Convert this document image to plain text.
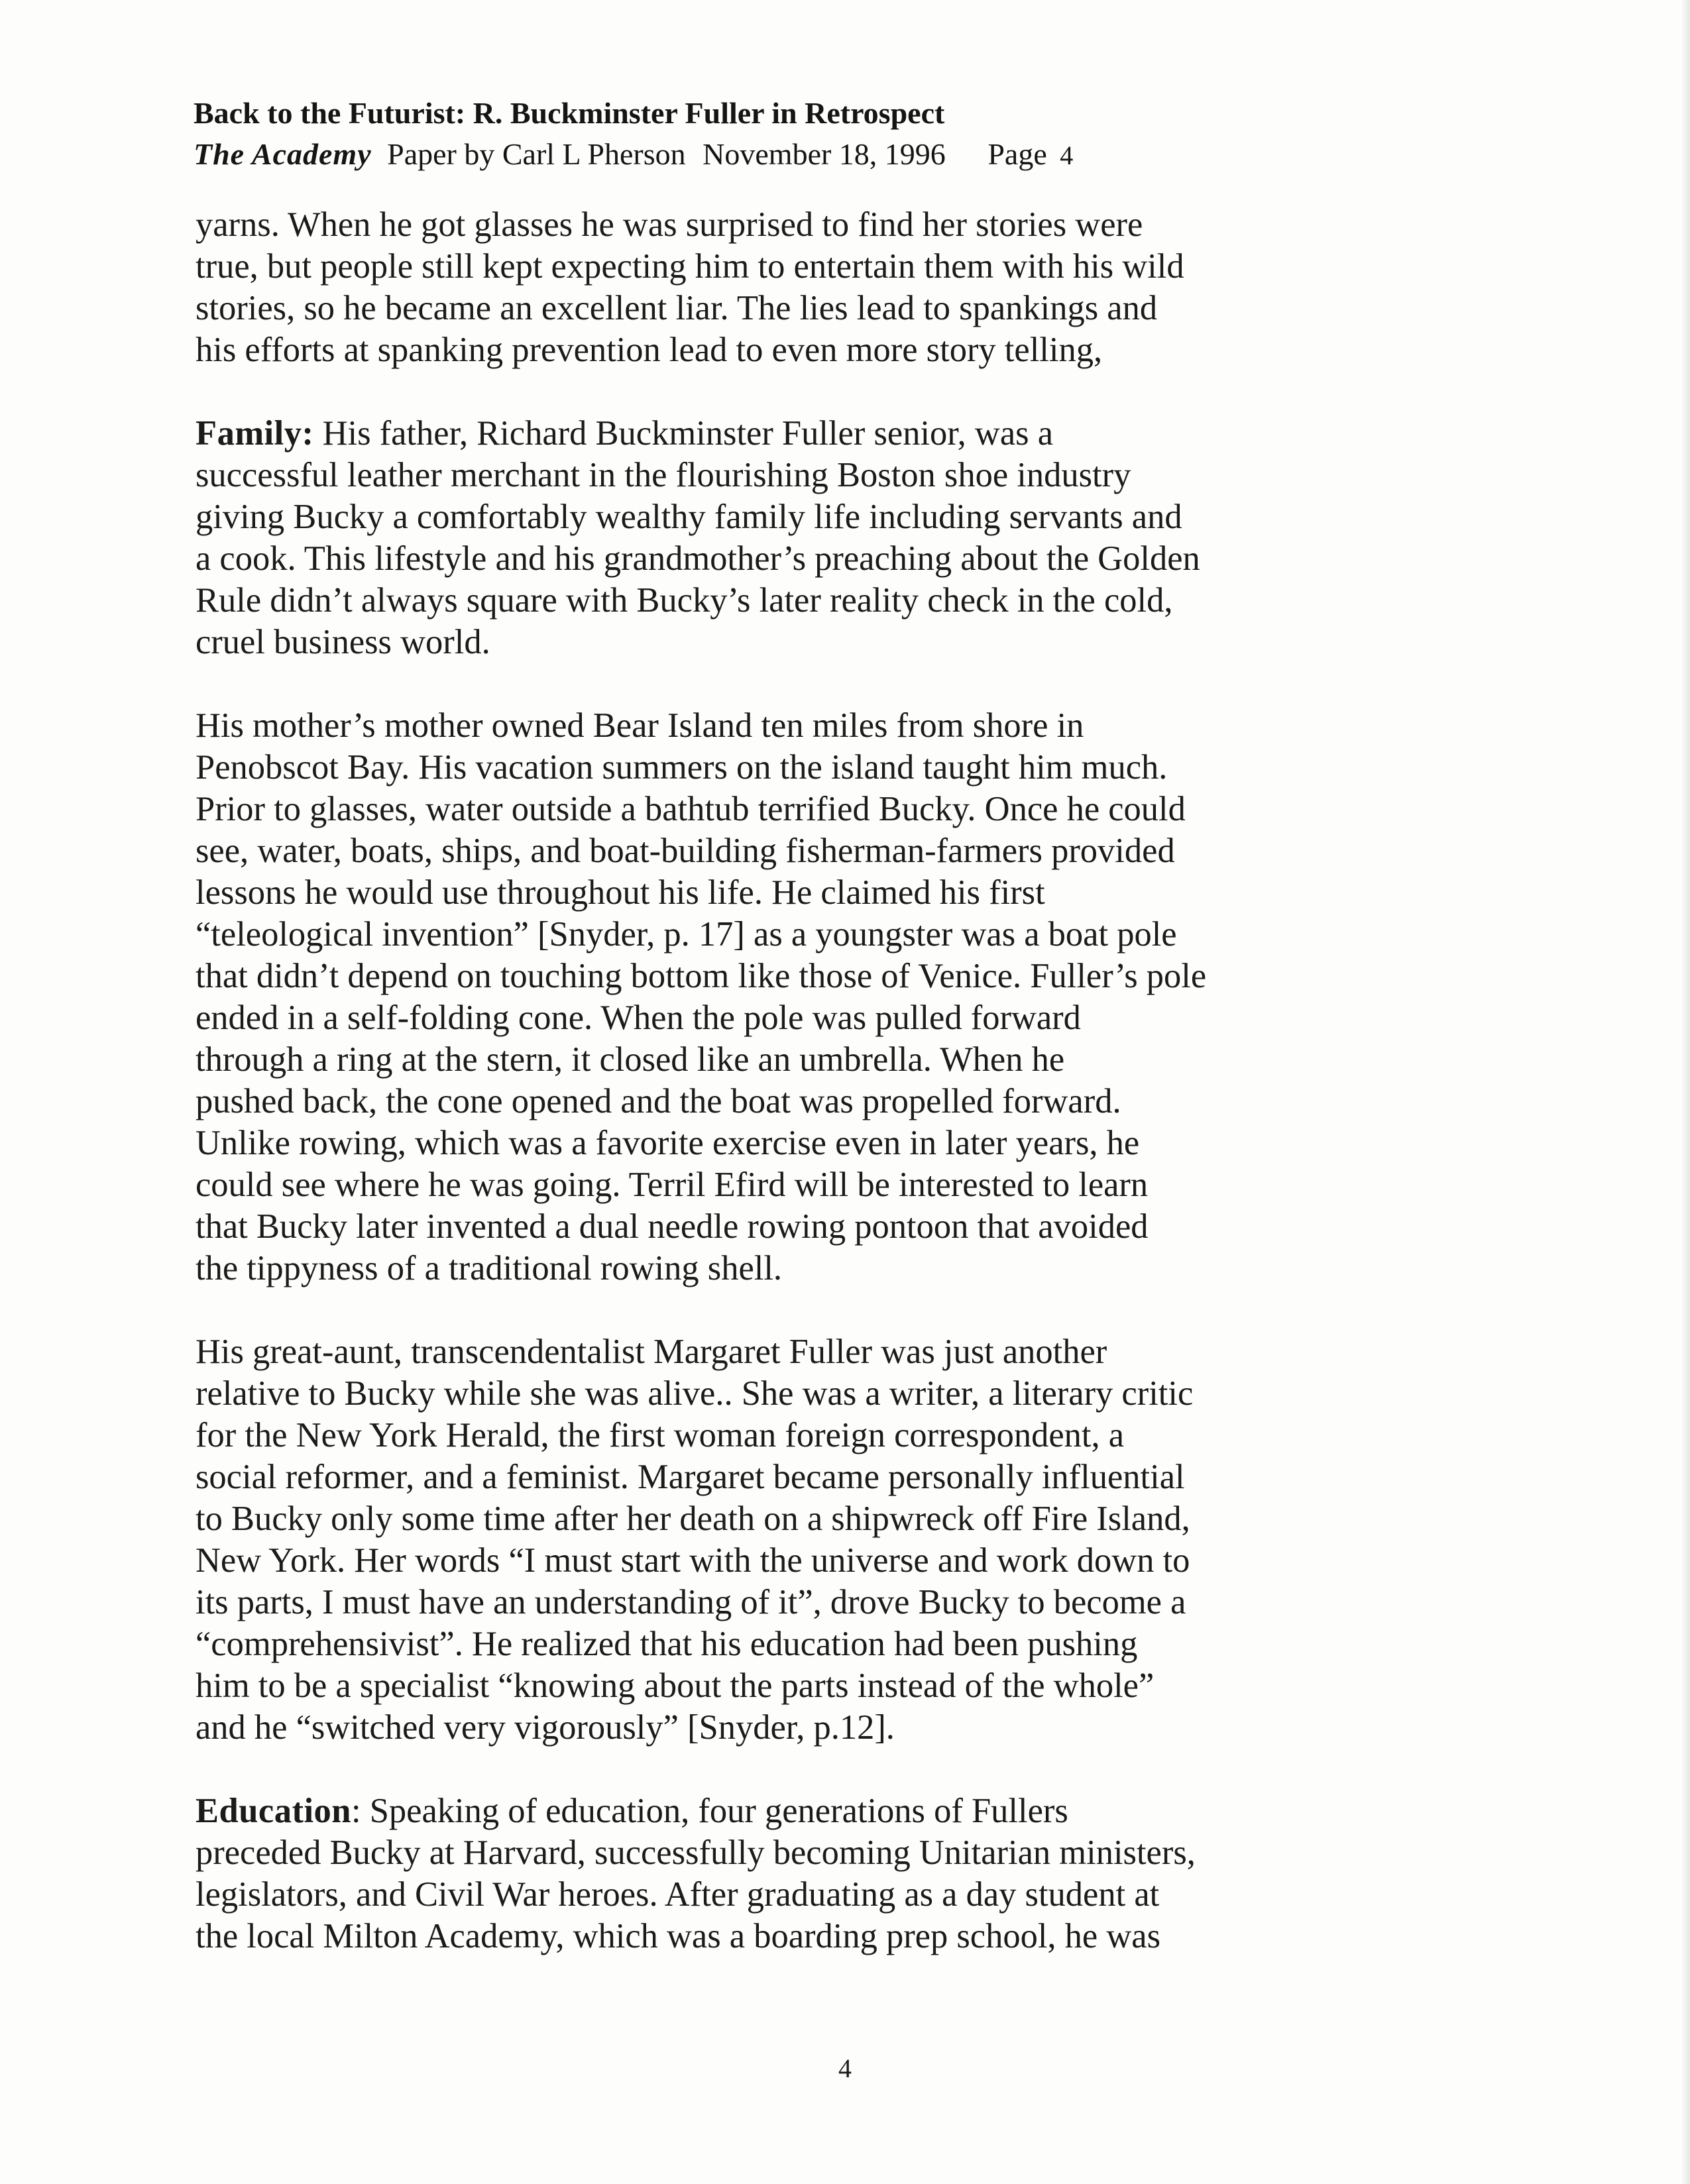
Back to the Futurist: R. Buckminster Fuller in Retrospect
The Academy Paper by Carl L Pherson November 18, 1996 Page 4
yarns. When he got glasses he was surprised to find her stories were
true, but people still kept expecting him to entertain them with his wild
stories, so he became an excellent liar. The lies lead to spankings and
his efforts at spanking prevention lead to even more story telling,
Family: His father, Richard Buckminster Fuller senior, was a
successful leather merchant in the flourishing Boston shoe industry
giving Bucky a comfortably wealthy family life including servants and
a cook. This lifestyle and his grandmother’s preaching about the Golden
Rule didn’t always square with Bucky’s later reality check in the cold,
cruel business world.
His mother’s mother owned Bear Island ten miles from shore in
Penobscot Bay. His vacation summers on the island taught him much.
Prior to glasses, water outside a bathtub terrified Bucky. Once he could
see, water, boats, ships, and boat-building fisherman-farmers provided
lessons he would use throughout his life. He claimed his first
“teleological invention” [Snyder, p. 17] as a youngster was a boat pole
that didn’t depend on touching bottom like those of Venice. Fuller’s pole
ended in a self-folding cone. When the pole was pulled forward
through a ring at the stern, it closed like an umbrella. When he
pushed back, the cone opened and the boat was propelled forward.
Unlike rowing, which was a favorite exercise even in later years, he
could see where he was going. Terril Efird will be interested to learn
that Bucky later invented a dual needle rowing pontoon that avoided
the tippyness of a traditional rowing shell.
His great-aunt, transcendentalist Margaret Fuller was just another
relative to Bucky while she was alive.. She was a writer, a literary critic
for the New York Herald, the first woman foreign correspondent, a
social reformer, and a feminist. Margaret became personally influential
to Bucky only some time after her death on a shipwreck off Fire Island,
New York. Her words “I must start with the universe and work down to
its parts, I must have an understanding of it”, drove Bucky to become a
“comprehensivist”. He realized that his education had been pushing
him to be a specialist “knowing about the parts instead of the whole”
and he “switched very vigorously” [Snyder, p.12].
Education: Speaking of education, four generations of Fullers
preceded Bucky at Harvard, successfully becoming Unitarian ministers,
legislators, and Civil War heroes. After graduating as a day student at
the local Milton Academy, which was a boarding prep school, he was
4
